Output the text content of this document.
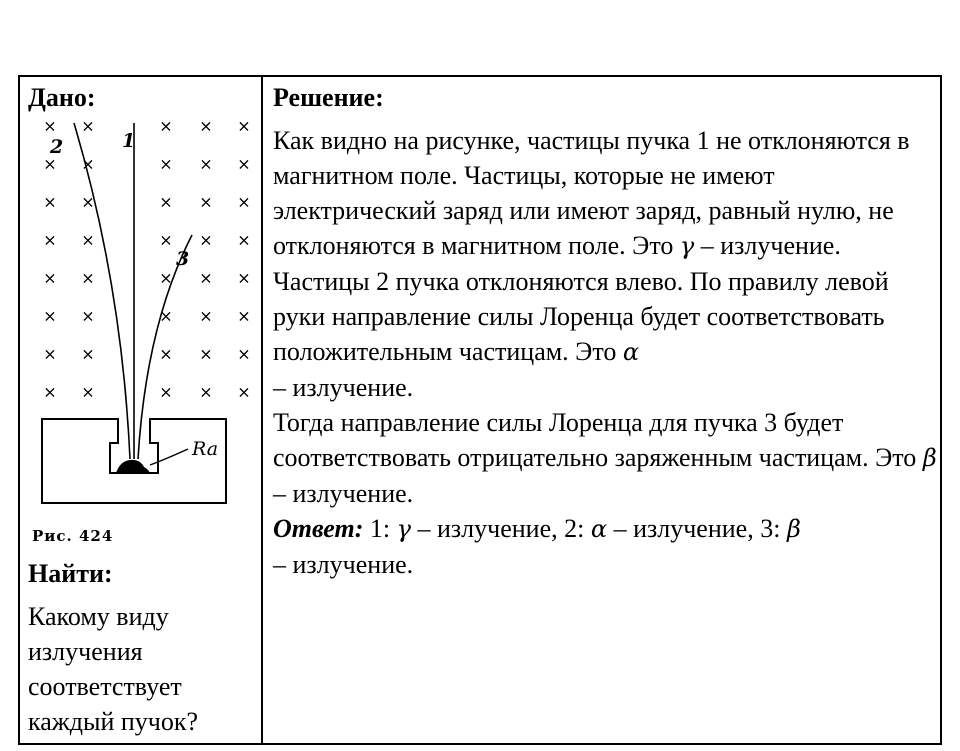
Дано:
× ×	× × ×
× ×	× × ×
× ×	× × ×
× ×	× × ×
× ×	× × ×
× ×	× × ×
× ×	× × ×
× ×	× × ×
1
2
3
Ra
Рис. 424
Найти:
Какому виду излучения соответствует каждый пучок?
Решение:
Как видно на рисунке, частицы пучка 1 не отклоняются в магнитном поле. Частицы, которые не имеют электрический заряд или имеют заряд, равный нулю, не отклоняются в магнитном поле. Это γ – излучение.
Частицы 2 пучка отклоняются влево. По правилу левой руки направление силы Лоренца будет соответствовать положительным частицам. Это α
– излучение.
Тогда направление силы Лоренца для пучка 3 будет соответствовать отрицательно заряженным частицам. Это β – излучение.
Ответ: 1: γ – излучение, 2: α – излучение, 3: β
– излучение.
